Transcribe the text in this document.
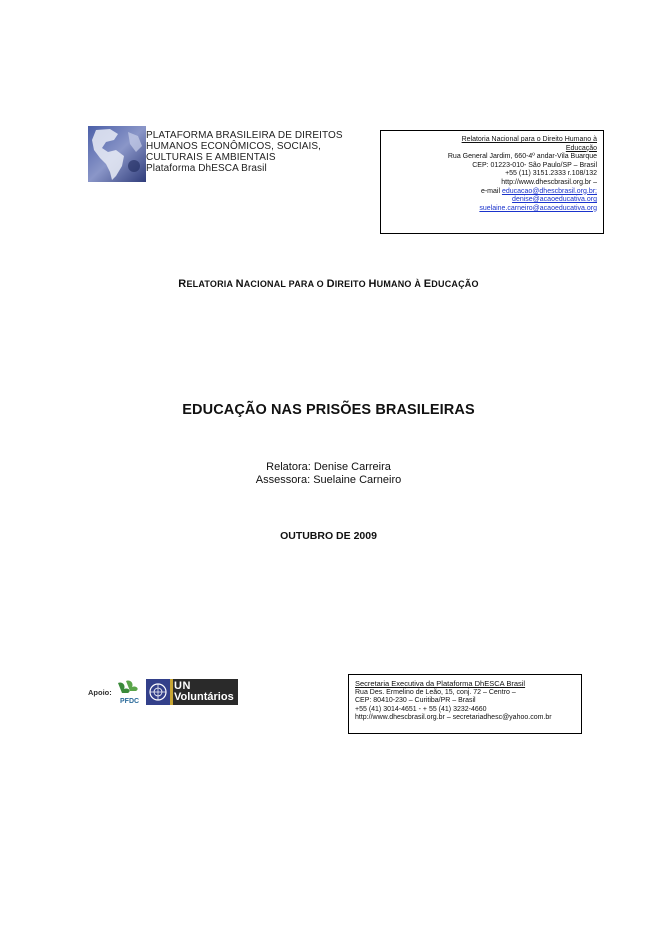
PLATAFORMA BRASILEIRA DE DIREITOS
HUMANOS ECONÔMICOS, SOCIAIS,
CULTURAIS E AMBIENTAIS
Plataforma DhESCA Brasil
Relatoria Nacional para o Direito Humano à
Educação
Rua General Jardim, 660-4º andar-Vila Buarque
CEP: 01223-010- São Paulo/SP – Brasil
+55 (11) 3151.2333 r.108/132
http://www.dhescbrasil.org.br –
e-mail educacao@dhescbrasil.org.br;
denise@acaoeducativa.org
suelaine.carneiro@acaoeducativa.org
RELATORIA NACIONAL PARA O DIREITO HUMANO À EDUCAÇÃO
EDUCAÇÃO NAS PRISÕES BRASILEIRAS
Relatora: Denise Carreira
Assessora: Suelaine Carneiro
OUTUBRO DE 2009
Apoio:
PFDC
UN
Voluntários
Secretaria Executiva da Plataforma DhESCA Brasil
Rua Des. Ermelino de Leão, 15, conj. 72 – Centro –
CEP: 80410-230 – Curitiba/PR – Brasil
+55 (41) 3014-4651 - + 55 (41) 3232-4660
http://www.dhescbrasil.org.br – secretariadhesc@yahoo.com.br
